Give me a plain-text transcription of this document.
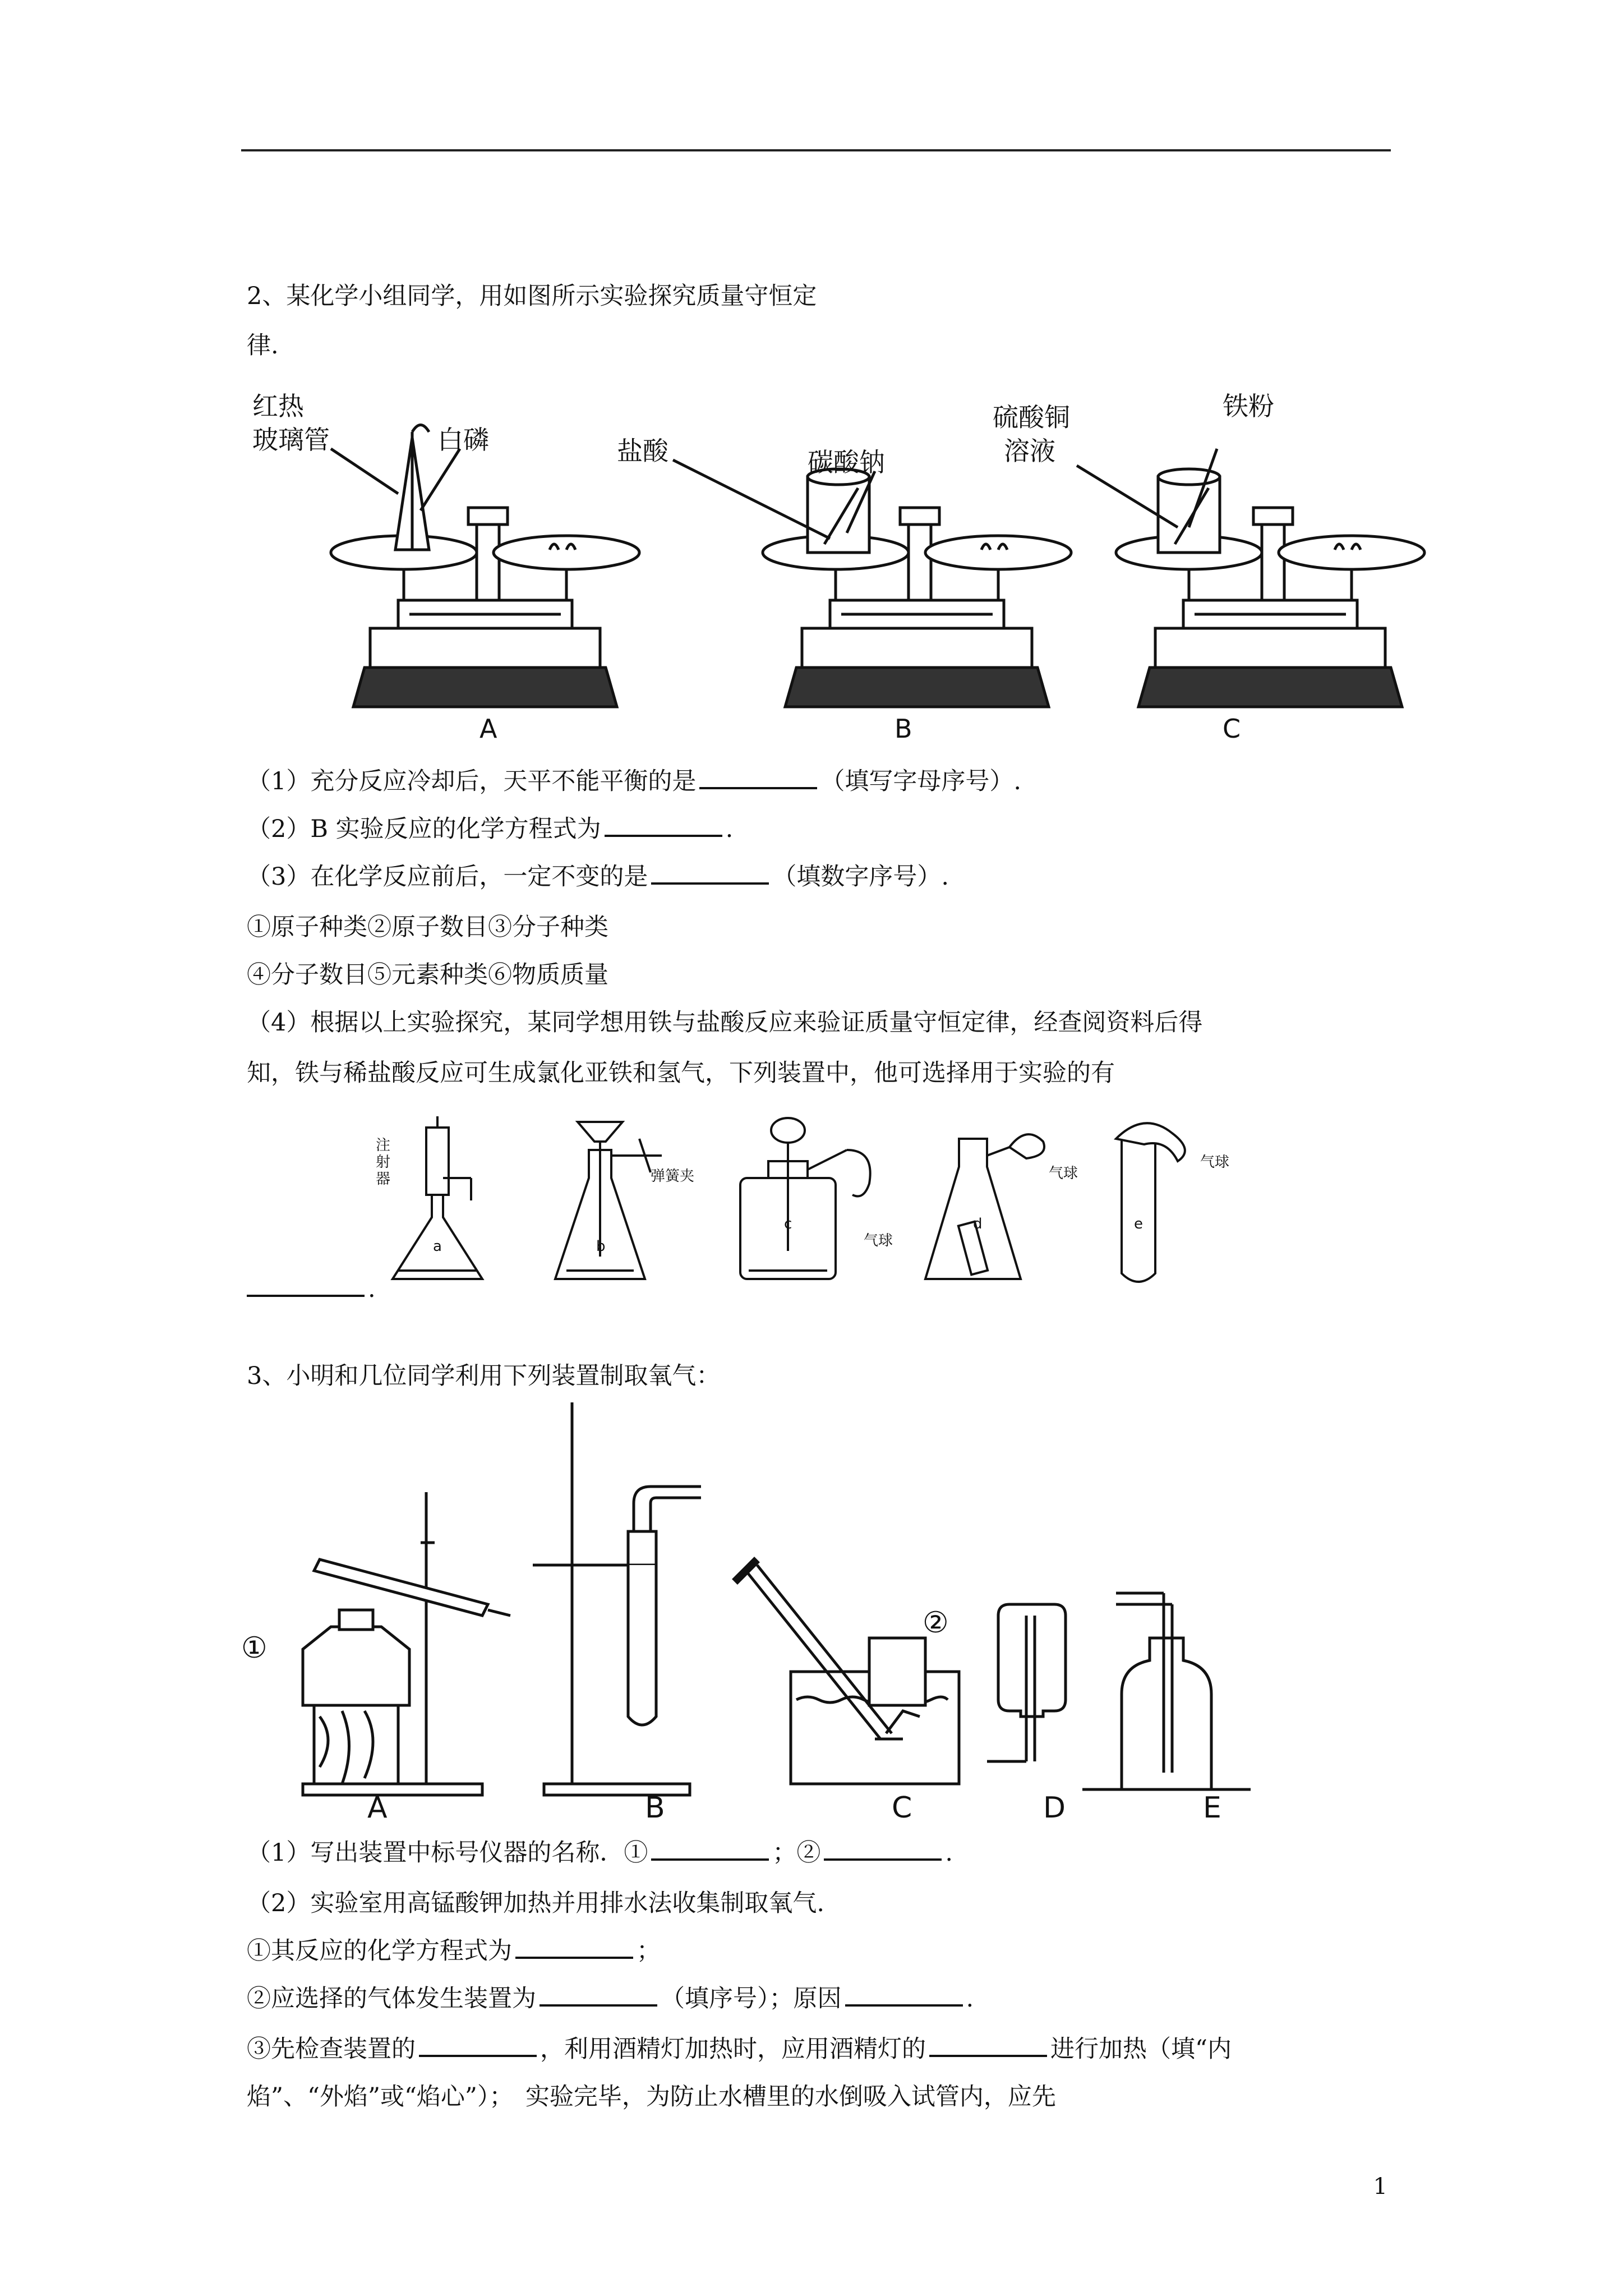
2、某化学小组同学，用如图所示实验探究质量守恒定
律.
红热
玻璃管	白磷	盐酸	碳酸钠
硫酸铜
溶液
铁粉
A	B	C
（1）充分反应冷却后，天平不能平衡的是	（填写字母序号）.
（2）B 实验反应的化学方程式为	.
（3）在化学反应前后，一定不变的是	（填数字序号）.
①原子种类②原子数目③分子种类
④分子数目⑤元素种类⑥物质质量
（4）根据以上实验探究，某同学想用铁与盐酸反应来验证质量守恒定律，经查阅资料后得
知，铁与稀盐酸反应可生成氯化亚铁和氢气，下列装置中，他可选择用于实验的有
注
射
器	弹簧夹
气球
气球
气球
a	b
c	d	e
.
3、小明和几位同学利用下列装置制取氧气：
①
②
A	B	C	D	E
（1）写出装置中标号仪器的名称．①	；②	.
（2）实验室用高锰酸钾加热并用排水法收集制取氧气.
①其反应的化学方程式为	；
②应选择的气体发生装置为	（填序号）；原因	.
③先检查装置的	，利用酒精灯加热时，应用酒精灯的	进行加热（填“内
焰”、“外焰”或“焰心”）；　实验完毕，为防止水槽里的水倒吸入试管内，应先
1
